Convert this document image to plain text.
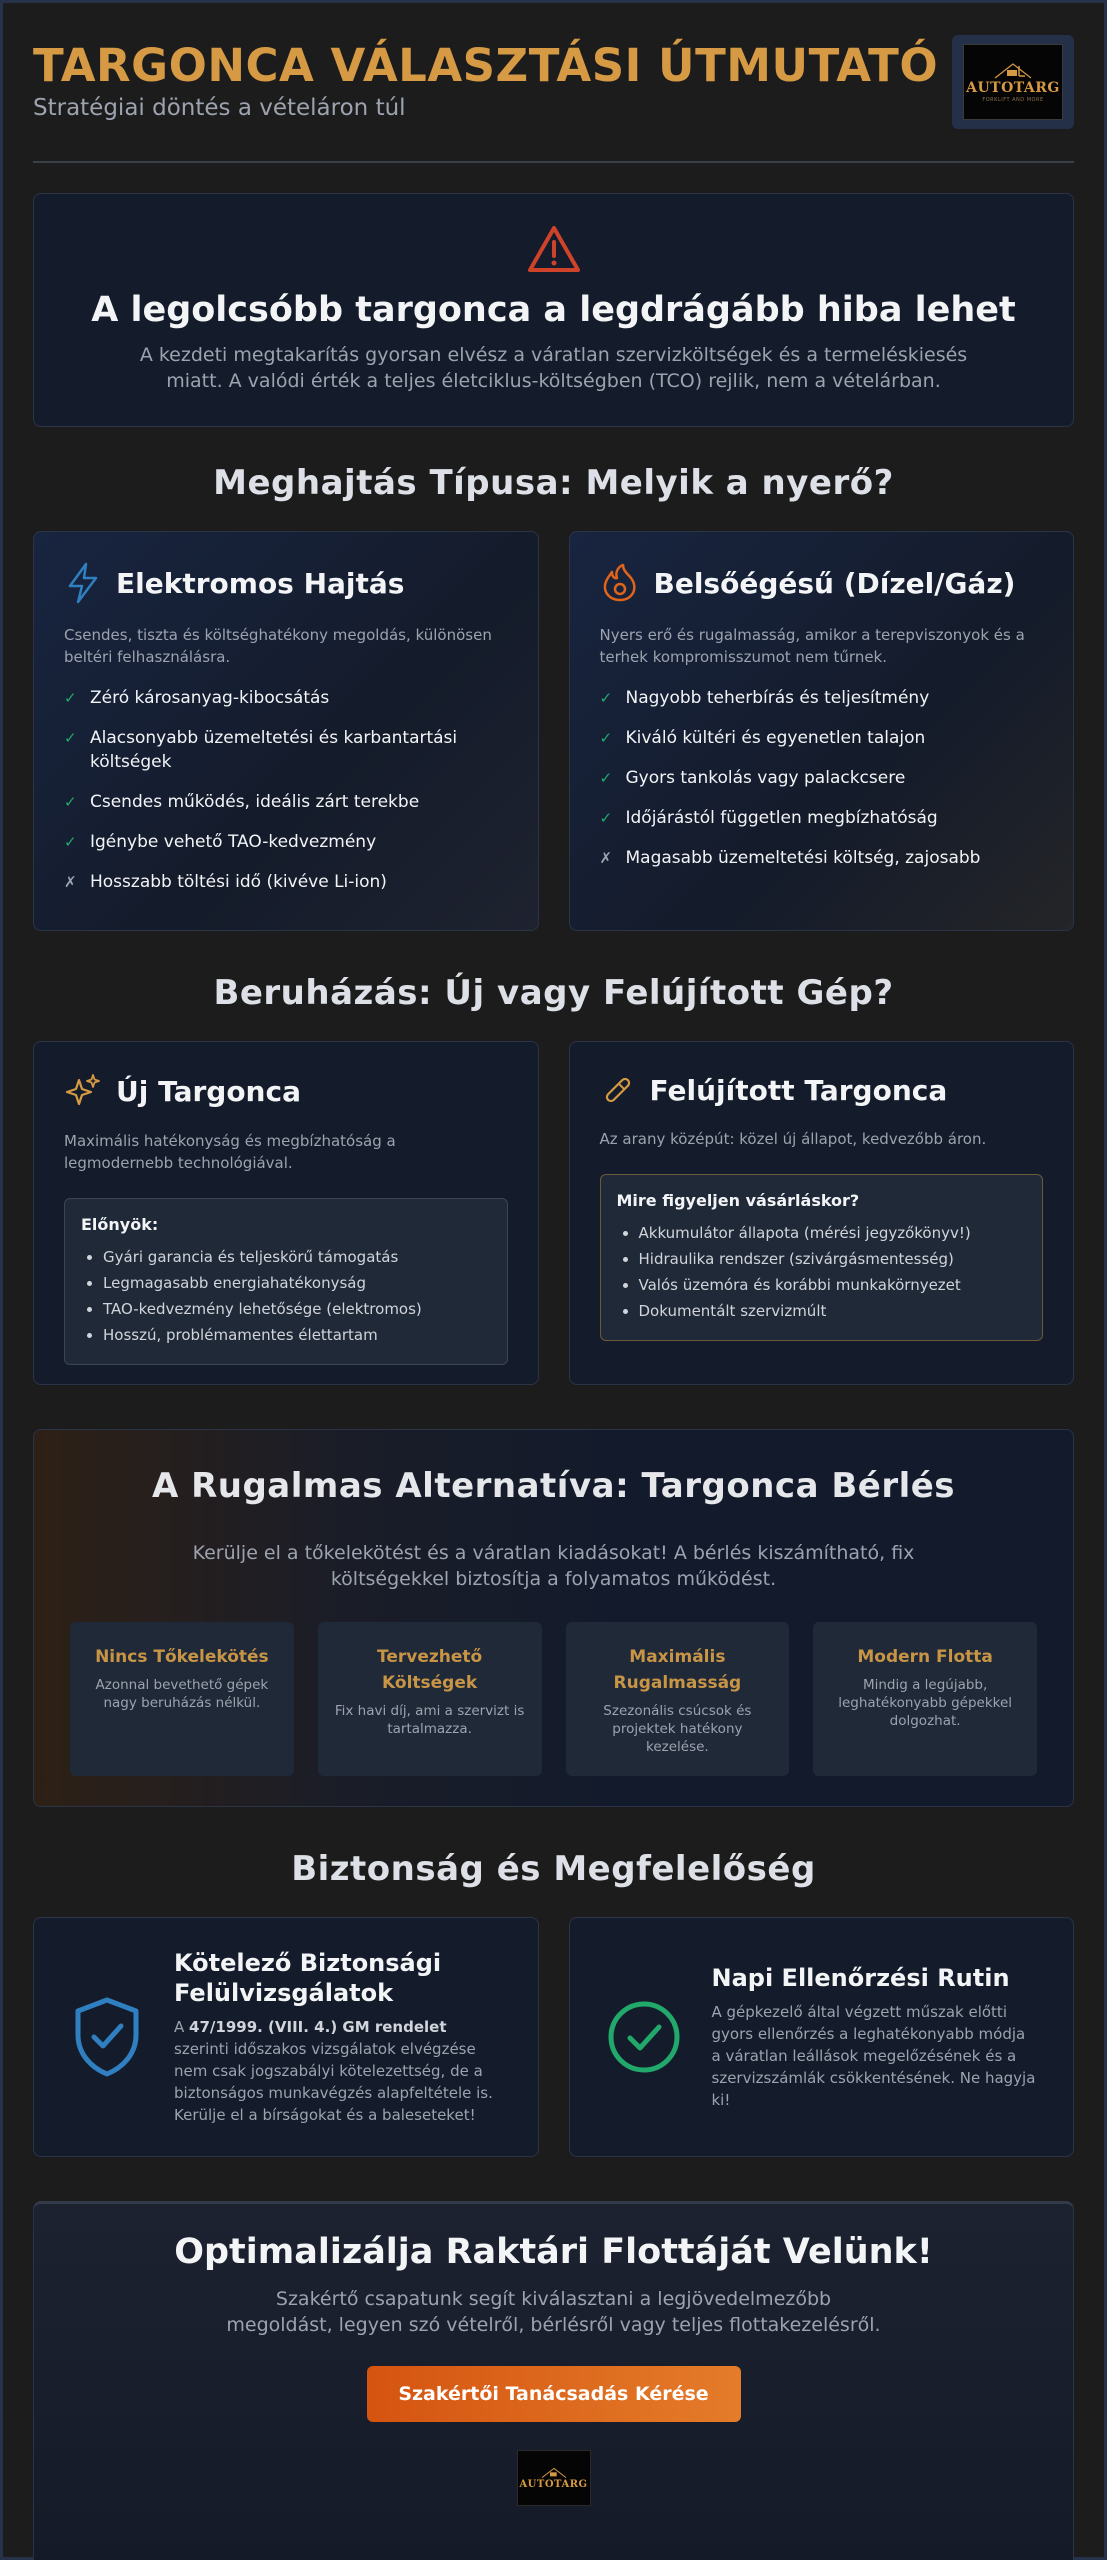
TARGONCA VÁLASZTÁSI ÚTMUTATÓ
Stratégiai döntés a vételáron túl
AUTOTARG
FORKLIFT AND MORE
A legolcsóbb targonca a legdrágább hiba lehet

A kezdeti megtakarítás gyorsan elvész a váratlan szervizköltségek és a termeléskiesés miatt. A valódi érték a teljes életciklus-költségben (TCO) rejlik, nem a vételárban.

Meghajtás Típusa: Melyik a nyerő?
Elektromos Hajtás
Csendes, tiszta és költséghatékony megoldás, különösen beltéri felhasználásra.
✓ Zéró károsanyag-kibocsátás
✓ Alacsonyabb üzemeltetési és karbantartási költségek
✓ Csendes működés, ideális zárt terekbe
✓ Igénybe vehető TAO-kedvezmény
✗ Hosszabb töltési idő (kivéve Li-ion)
Belsőégésű (Dízel/Gáz)
Nyers erő és rugalmasság, amikor a terepviszonyok és a terhek kompromisszumot nem tűrnek.
✓ Nagyobb teherbírás és teljesítmény
✓ Kiváló kültéri és egyenetlen talajon
✓ Gyors tankolás vagy palackcsere
✓ Időjárástól független megbízhatóság
✗ Magasabb üzemeltetési költség, zajosabb
Beruházás: Új vagy Felújított Gép?
Új Targonca
Maximális hatékonyság és megbízhatóság a legmodernebb technológiával.
Előnyök:
• Gyári garancia és teljeskörű támogatás
• Legmagasabb energiahatékonyság
• TAO-kedvezmény lehetősége (elektromos)
• Hosszú, problémamentes élettartam
Felújított Targonca
Az arany középút: közel új állapot, kedvezőbb áron.
Mire figyeljen vásárláskor?
• Akkumulátor állapota (mérési jegyzőkönyv!)
• Hidraulika rendszer (szivárgásmentesség)
• Valós üzemóra és korábbi munkakörnyezet
• Dokumentált szervizmúlt
A Rugalmas Alternatíva: Targonca Bérlés

Kerülje el a tőkelekötést és a váratlan kiadásokat! A bérlés kiszámítható, fix költségekkel biztosítja a folyamatos működést.

Nincs Tőkelekötés
Azonnal bevethető gépek nagy beruházás nélkül.
Tervezhető Költségek
Fix havi díj, ami a szervizt is tartalmazza.
Maximális Rugalmasság
Szezonális csúcsok és projektek hatékony kezelése.
Modern Flotta
Mindig a legújabb, leghatékonyabb gépekkel dolgozhat.
Biztonság és Megfelelőség
Kötelező Biztonsági Felülvizsgálatok

A 47/1999. (VIII. 4.) GM rendelet szerinti időszakos vizsgálatok elvégzése nem csak jogszabályi kötelezettség, de a biztonságos munkavégzés alapfeltétele is. Kerülje el a bírságokat és a baleseteket!

Napi Ellenőrzési Rutin

A gépkezelő által végzett műszak előtti gyors ellenőrzés a leghatékonyabb módja a váratlan leállások megelőzésének és a szervizszámlák csökkentésének. Ne hagyja ki!

Optimalizálja Raktári Flottáját Velünk!

Szakértő csapatunk segít kiválasztani a legjövedelmezőbb megoldást, legyen szó vételről, bérlésről vagy teljes flottakezelésről.

Szakértői Tanácsadás Kérése
AUTOTARG
